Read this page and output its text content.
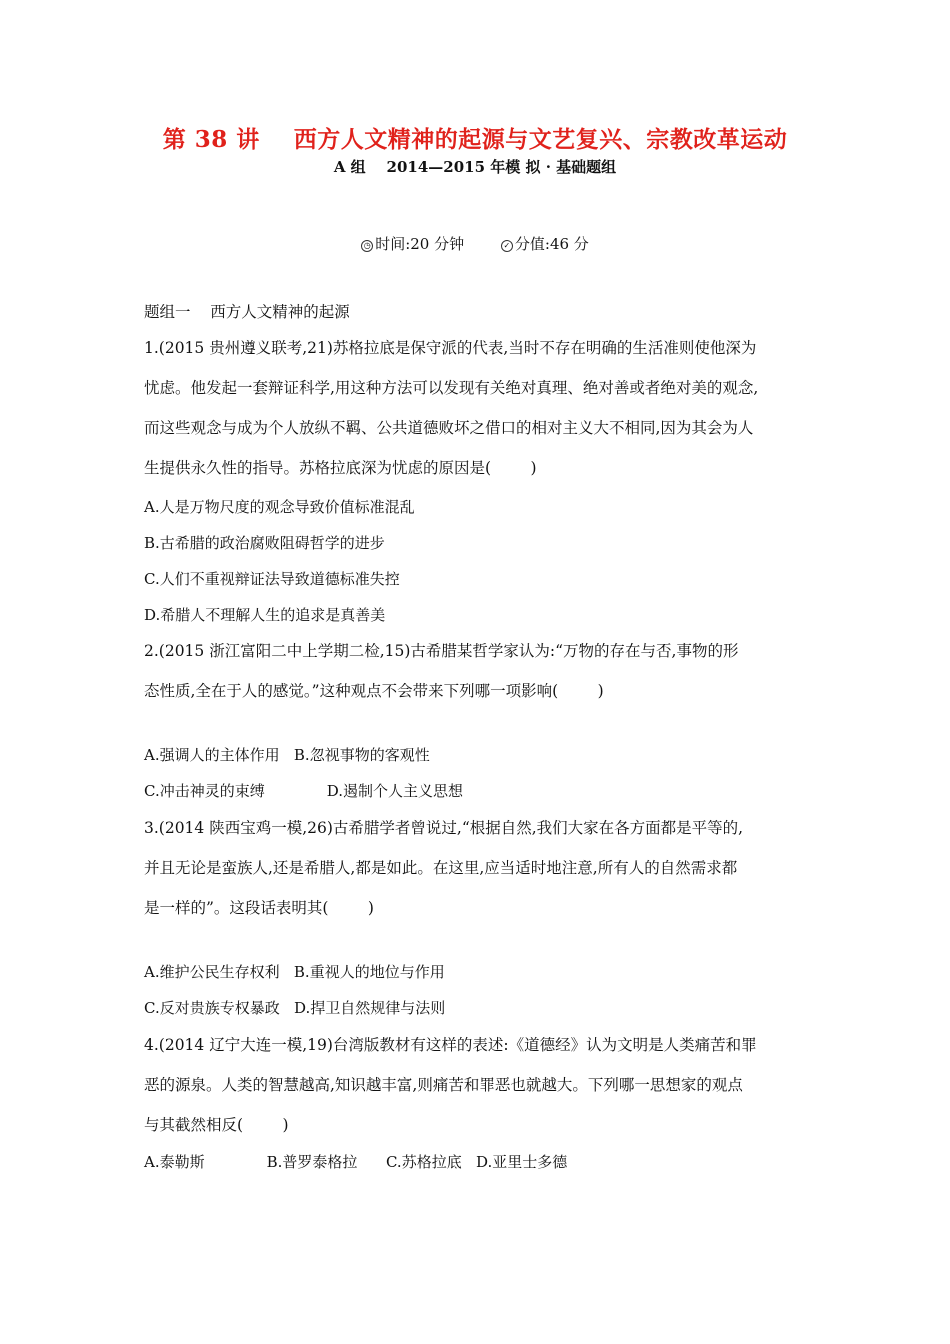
第 38 讲    西方人文精神的起源与文艺复兴、宗教改革运动
A 组    2014—2015 年模 拟 · 基础题组
◷ 时间:20 分钟	✓ 分值:46 分
题组一    西方人文精神的起源
1.(2015 贵州遵义联考,21)苏格拉底是保守派的代表,当时不存在明确的生活准则使他深为
忧虑。他发起一套辩证科学,用这种方法可以发现有关绝对真理、绝对善或者绝对美的观念,
而这些观念与成为个人放纵不羁、公共道德败坏之借口的相对主义大不相同,因为其会为人
生提供永久性的指导。苏格拉底深为忧虑的原因是(        )
A.人是万物尺度的观念导致价值标准混乱
B.古希腊的政治腐败阻碍哲学的进步
C.人们不重视辩证法导致道德标准失控
D.希腊人不理解人生的追求是真善美
2.(2015 浙江富阳二中上学期二检,15)古希腊某哲学家认为:“万物的存在与否,事物的形
态性质,全在于人的感觉。”这种观点不会带来下列哪一项影响(        )
A.强调人的主体作用   B.忽视事物的客观性
C.冲击神灵的束缚             D.遏制个人主义思想
3.(2014 陕西宝鸡一模,26)古希腊学者曾说过,“根据自然,我们大家在各方面都是平等的,
并且无论是蛮族人,还是希腊人,都是如此。在这里,应当适时地注意,所有人的自然需求都
是一样的”。这段话表明其(        )
A.维护公民生存权利   B.重视人的地位与作用
C.反对贵族专权暴政   D.捍卫自然规律与法则
4.(2014 辽宁大连一模,19)台湾版教材有这样的表述:《道德经》认为文明是人类痛苦和罪
恶的源泉。人类的智慧越高,知识越丰富,则痛苦和罪恶也就越大。下列哪一思想家的观点
与其截然相反(        )
A.泰勒斯             B.普罗泰格拉      C.苏格拉底   D.亚里士多德
